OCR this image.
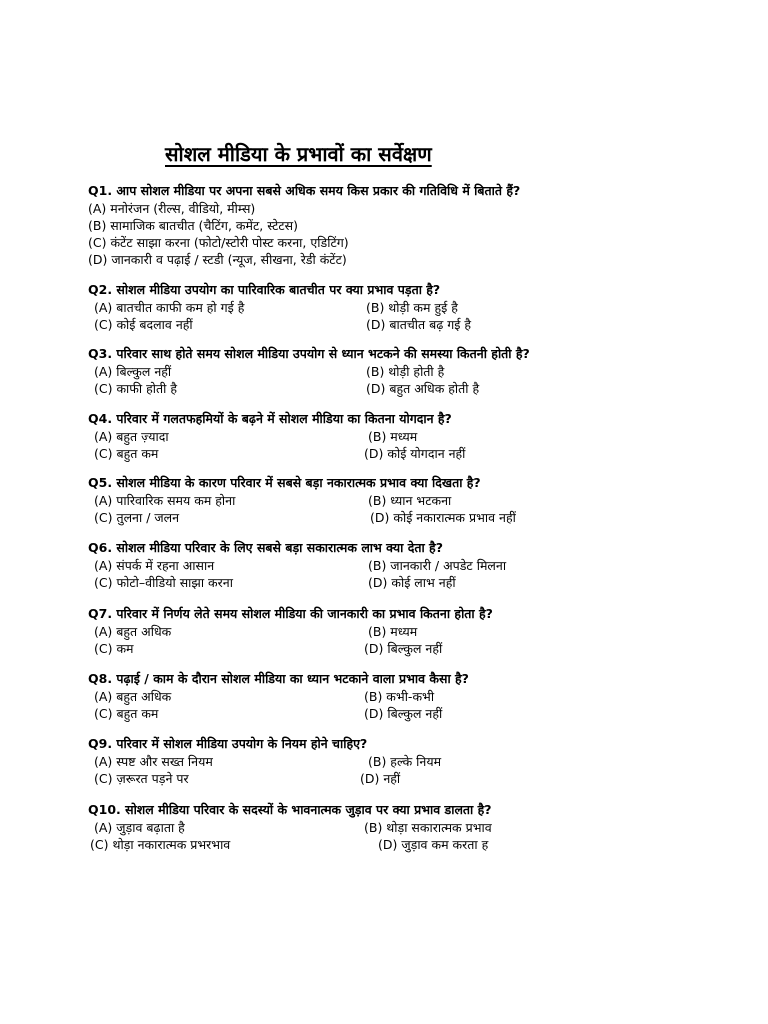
सोशल मीडिया के प्रभावों का सर्वेक्षण
Q1. आप सोशल मीडिया पर अपना सबसे अधिक समय किस प्रकार की गतिविधि में बिताते हैं?
(A) मनोरंजन (रील्स, वीडियो, मीम्स)
(B) सामाजिक बातचीत (चैटिंग, कमेंट, स्टेटस)
(C) कंटेंट साझा करना (फोटो/स्टोरी पोस्ट करना, एडिटिंग)
(D) जानकारी व पढ़ाई / स्टडी (न्यूज, सीखना, रेडी कंटेंट)
Q2. सोशल मीडिया उपयोग का पारिवारिक बातचीत पर क्या प्रभाव पड़ता है?
(A) बातचीत काफी कम हो गई है	(B) थोड़ी कम हुई है
(C) कोई बदलाव नहीं	(D) बातचीत बढ़ गई है
Q3. परिवार साथ होते समय सोशल मीडिया उपयोग से ध्यान भटकने की समस्या कितनी होती है?
(A) बिल्कुल नहीं	(B) थोड़ी होती है
(C) काफी होती है	(D) बहुत अधिक होती है
Q4. परिवार में गलतफहमियों के बढ़ने में सोशल मीडिया का कितना योगदान है?
(A) बहुत ज़्यादा	(B) मध्यम
(C) बहुत कम	(D) कोई योगदान नहीं
Q5. सोशल मीडिया के कारण परिवार में सबसे बड़ा नकारात्मक प्रभाव क्या दिखता है?
(A) पारिवारिक समय कम होना	(B) ध्यान भटकना
(C) तुलना / जलन	(D) कोई नकारात्मक प्रभाव नहीं
Q6. सोशल मीडिया परिवार के लिए सबसे बड़ा सकारात्मक लाभ क्या देता है?
(A) संपर्क में रहना आसान	(B) जानकारी / अपडेट मिलना
(C) फोटो–वीडियो साझा करना	(D) कोई लाभ नहीं
Q7. परिवार में निर्णय लेते समय सोशल मीडिया की जानकारी का प्रभाव कितना होता है?
(A) बहुत अधिक	(B) मध्यम
(C) कम	(D) बिल्कुल नहीं
Q8. पढ़ाई / काम के दौरान सोशल मीडिया का ध्यान भटकाने वाला प्रभाव कैसा है?
(A) बहुत अधिक	(B) कभी-कभी
(C) बहुत कम	(D) बिल्कुल नहीं
Q9. परिवार में सोशल मीडिया उपयोग के नियम होने चाहिए?
(A) स्पष्ट और सख्त नियम	(B) हल्के नियम
(C) ज़रूरत पड़ने पर	(D) नहीं
Q10. सोशल मीडिया परिवार के सदस्यों के भावनात्मक जुड़ाव पर क्या प्रभाव डालता है?
(A) जुड़ाव बढ़ाता है	(B) थोड़ा सकारात्मक प्रभाव
(C) थोड़ा नकारात्मक प्रभरभाव	(D) जुड़ाव कम करता ह
